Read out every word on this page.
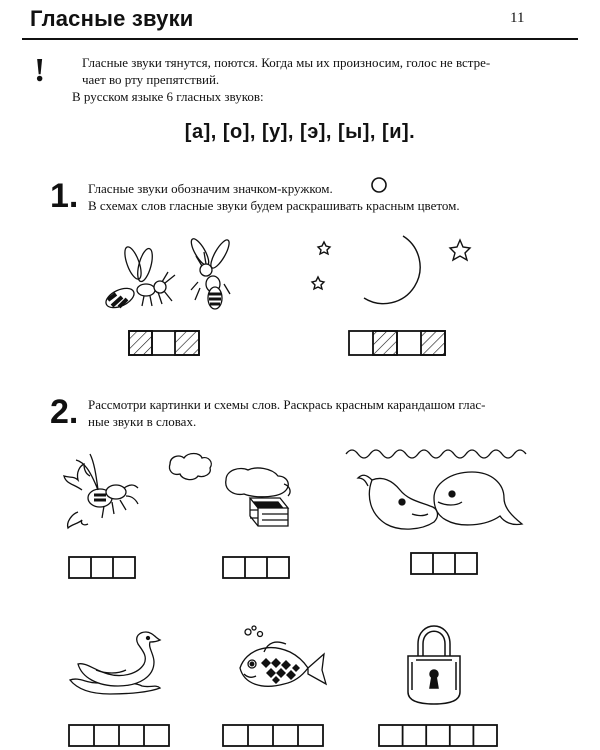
Гласные звуки	11
!	Гласные звуки тянутся, поются. Когда мы их произносим, голос не встре-
чает во рту препятствий.
В русском языке 6 гласных звуков:
[а], [о], [у], [э], [ы], [и].
1. Гласные звуки обозначим значком-кружком.
В схемах слов гласные звуки будем раскрашивать красным цветом.
2. Рассмотри картинки и схемы слов. Раскрась красным карандашом глас-
ные звуки в словах.
